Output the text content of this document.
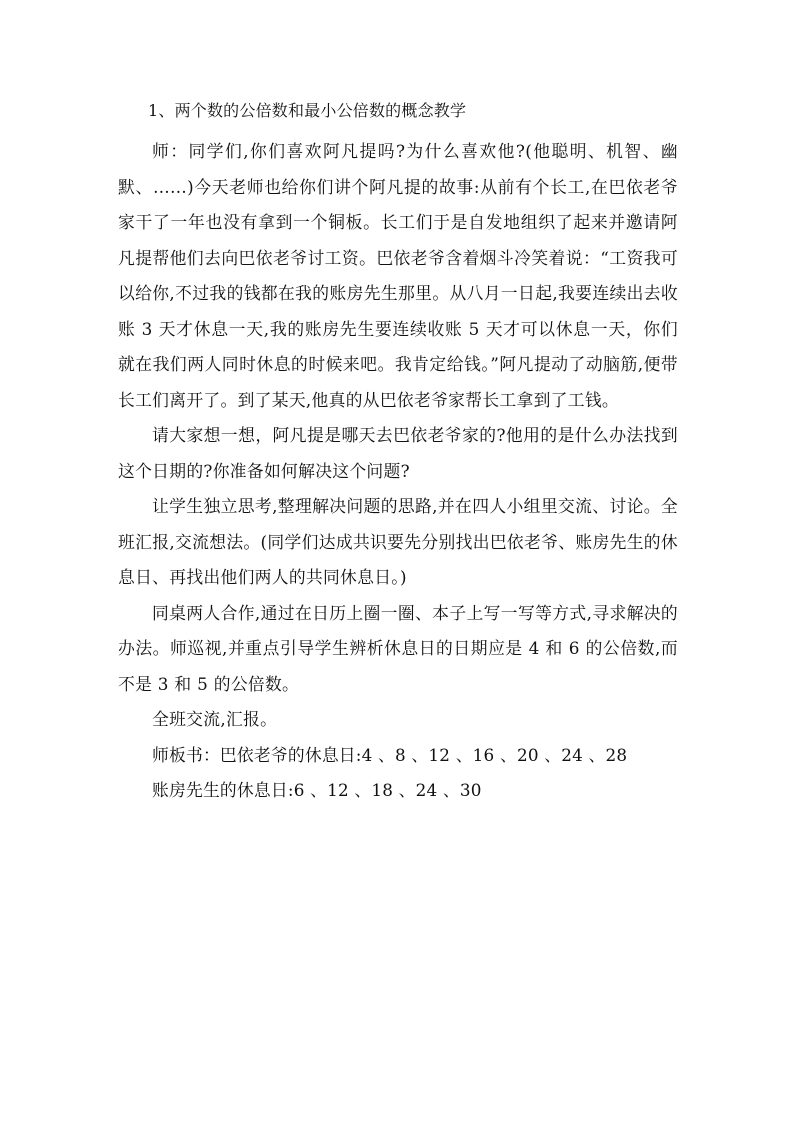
1、两个数的公倍数和最小公倍数的概念教学

师：同学们,你们喜欢阿凡提吗?为什么喜欢他?(他聪明、机智、幽默、……)今天老师也给你们讲个阿凡提的故事:从前有个长工,在巴依老爷家干了一年也没有拿到一个铜板。长工们于是自发地组织了起来并邀请阿凡提帮他们去向巴依老爷讨工资。巴依老爷含着烟斗冷笑着说：“工资我可以给你,不过我的钱都在我的账房先生那里。从八月一日起,我要连续出去收账 3 天才休息一天,我的账房先生要连续收账 5 天才可以休息一天，你们就在我们两人同时休息的时候来吧。我肯定给钱。”阿凡提动了动脑筋,便带长工们离开了。到了某天,他真的从巴依老爷家帮长工拿到了工钱。

请大家想一想，阿凡提是哪天去巴依老爷家的?他用的是什么办法找到这个日期的?你准备如何解决这个问题?

让学生独立思考,整理解决问题的思路,并在四人小组里交流、讨论。全班汇报,交流想法。(同学们达成共识要先分别找出巴依老爷、账房先生的休息日、再找出他们两人的共同休息日。)

同桌两人合作,通过在日历上圈一圈、本子上写一写等方式,寻求解决的办法。师巡视,并重点引导学生辨析休息日的日期应是 4 和 6 的公倍数,而不是 3 和 5 的公倍数。

全班交流,汇报。

师板书：巴依老爷的休息日:4 、8 、12 、16 、20 、24 、28

账房先生的休息日:6 、12 、18 、24 、30
